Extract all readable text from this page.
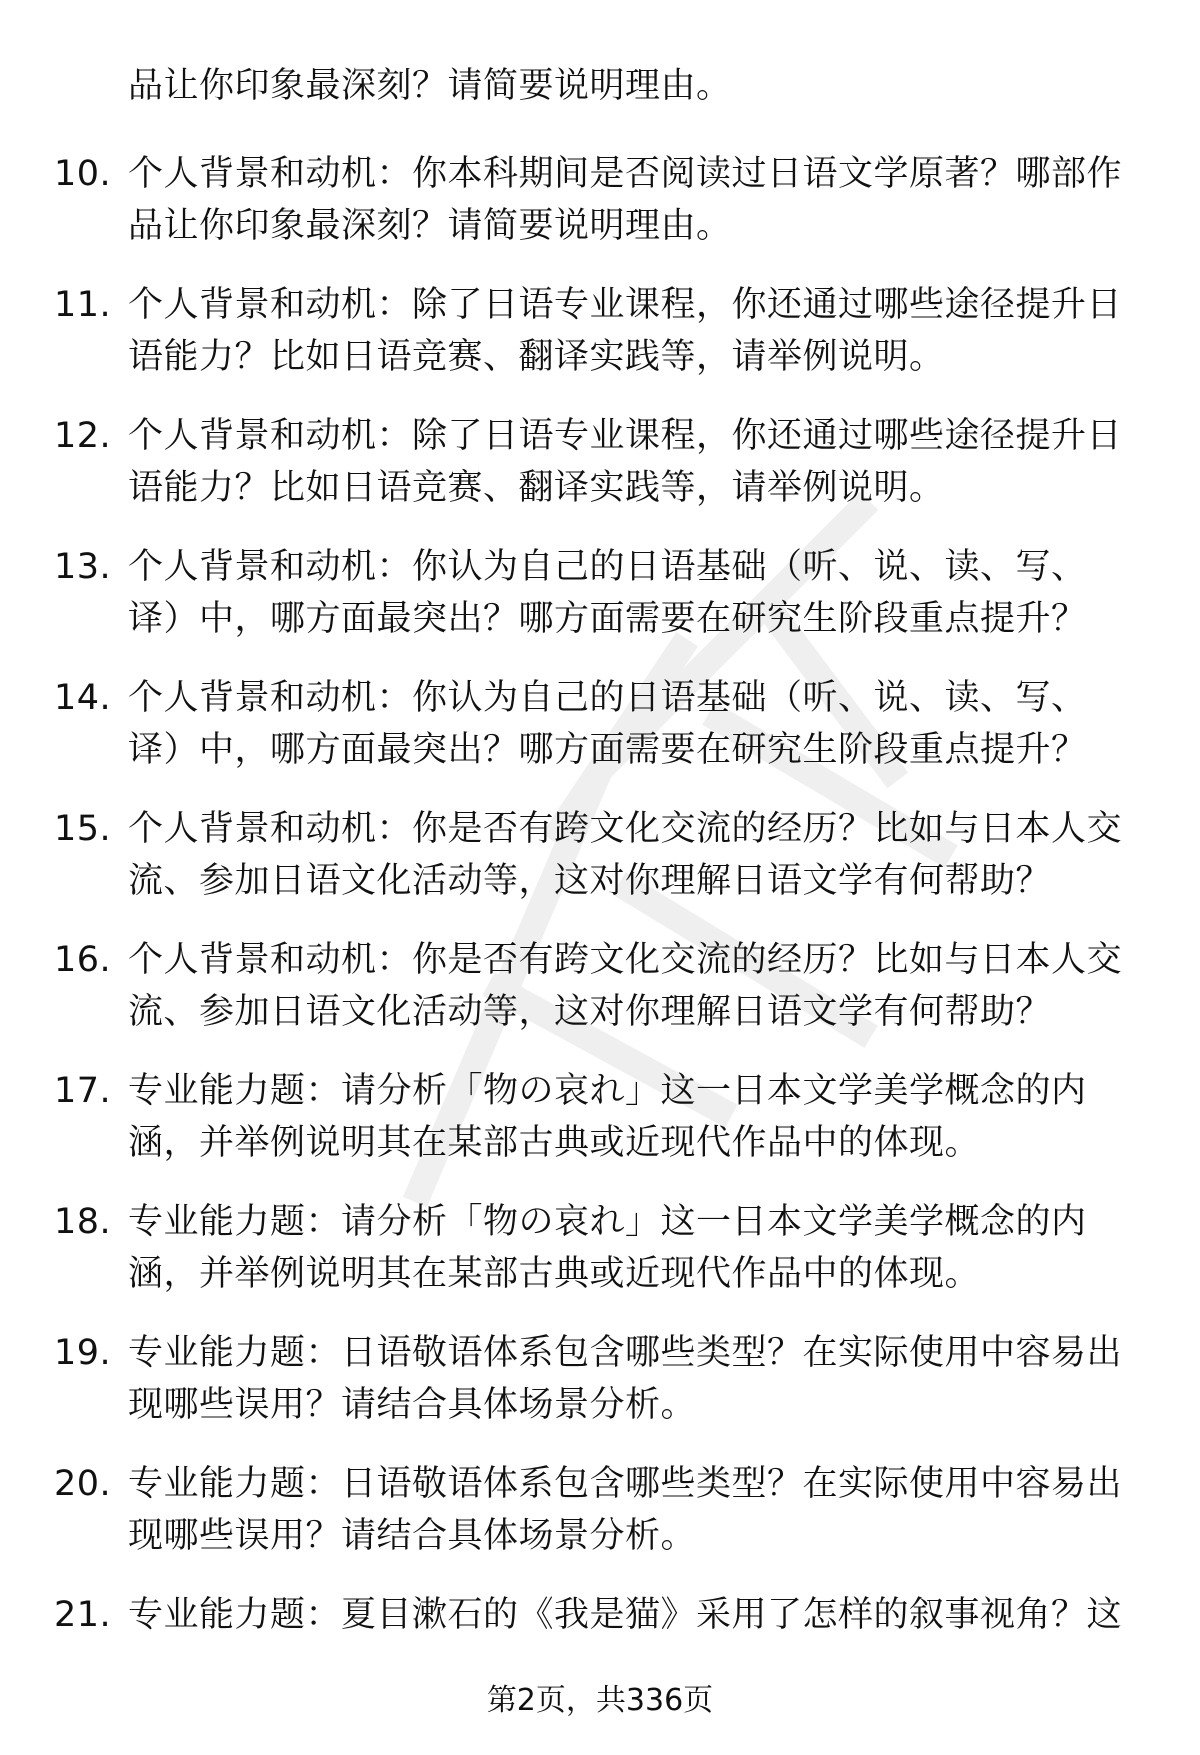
品让你印象最深刻？请简要说明理由。
10. 个人背景和动机：你本科期间是否阅读过日语文学原著？哪部作品让你印象最深刻？请简要说明理由。
11. 个人背景和动机：除了日语专业课程，你还通过哪些途径提升日语能力？比如日语竞赛、翻译实践等，请举例说明。
12. 个人背景和动机：除了日语专业课程，你还通过哪些途径提升日语能力？比如日语竞赛、翻译实践等，请举例说明。
13. 个人背景和动机：你认为自己的日语基础（听、说、读、写、译）中，哪方面最突出？哪方面需要在研究生阶段重点提升？
14. 个人背景和动机：你认为自己的日语基础（听、说、读、写、译）中，哪方面最突出？哪方面需要在研究生阶段重点提升？
15. 个人背景和动机：你是否有跨文化交流的经历？比如与日本人交流、参加日语文化活动等，这对你理解日语文学有何帮助？
16. 个人背景和动机：你是否有跨文化交流的经历？比如与日本人交流、参加日语文化活动等，这对你理解日语文学有何帮助？
17. 专业能力题：请分析「物の哀れ」这一日本文学美学概念的内涵，并举例说明其在某部古典或近现代作品中的体现。
18. 专业能力题：请分析「物の哀れ」这一日本文学美学概念的内涵，并举例说明其在某部古典或近现代作品中的体现。
19. 专业能力题：日语敬语体系包含哪些类型？在实际使用中容易出现哪些误用？请结合具体场景分析。
20. 专业能力题：日语敬语体系包含哪些类型？在实际使用中容易出现哪些误用？请结合具体场景分析。
21. 专业能力题：夏目漱石的《我是猫》采用了怎样的叙事视角？这
第2页，共336页
